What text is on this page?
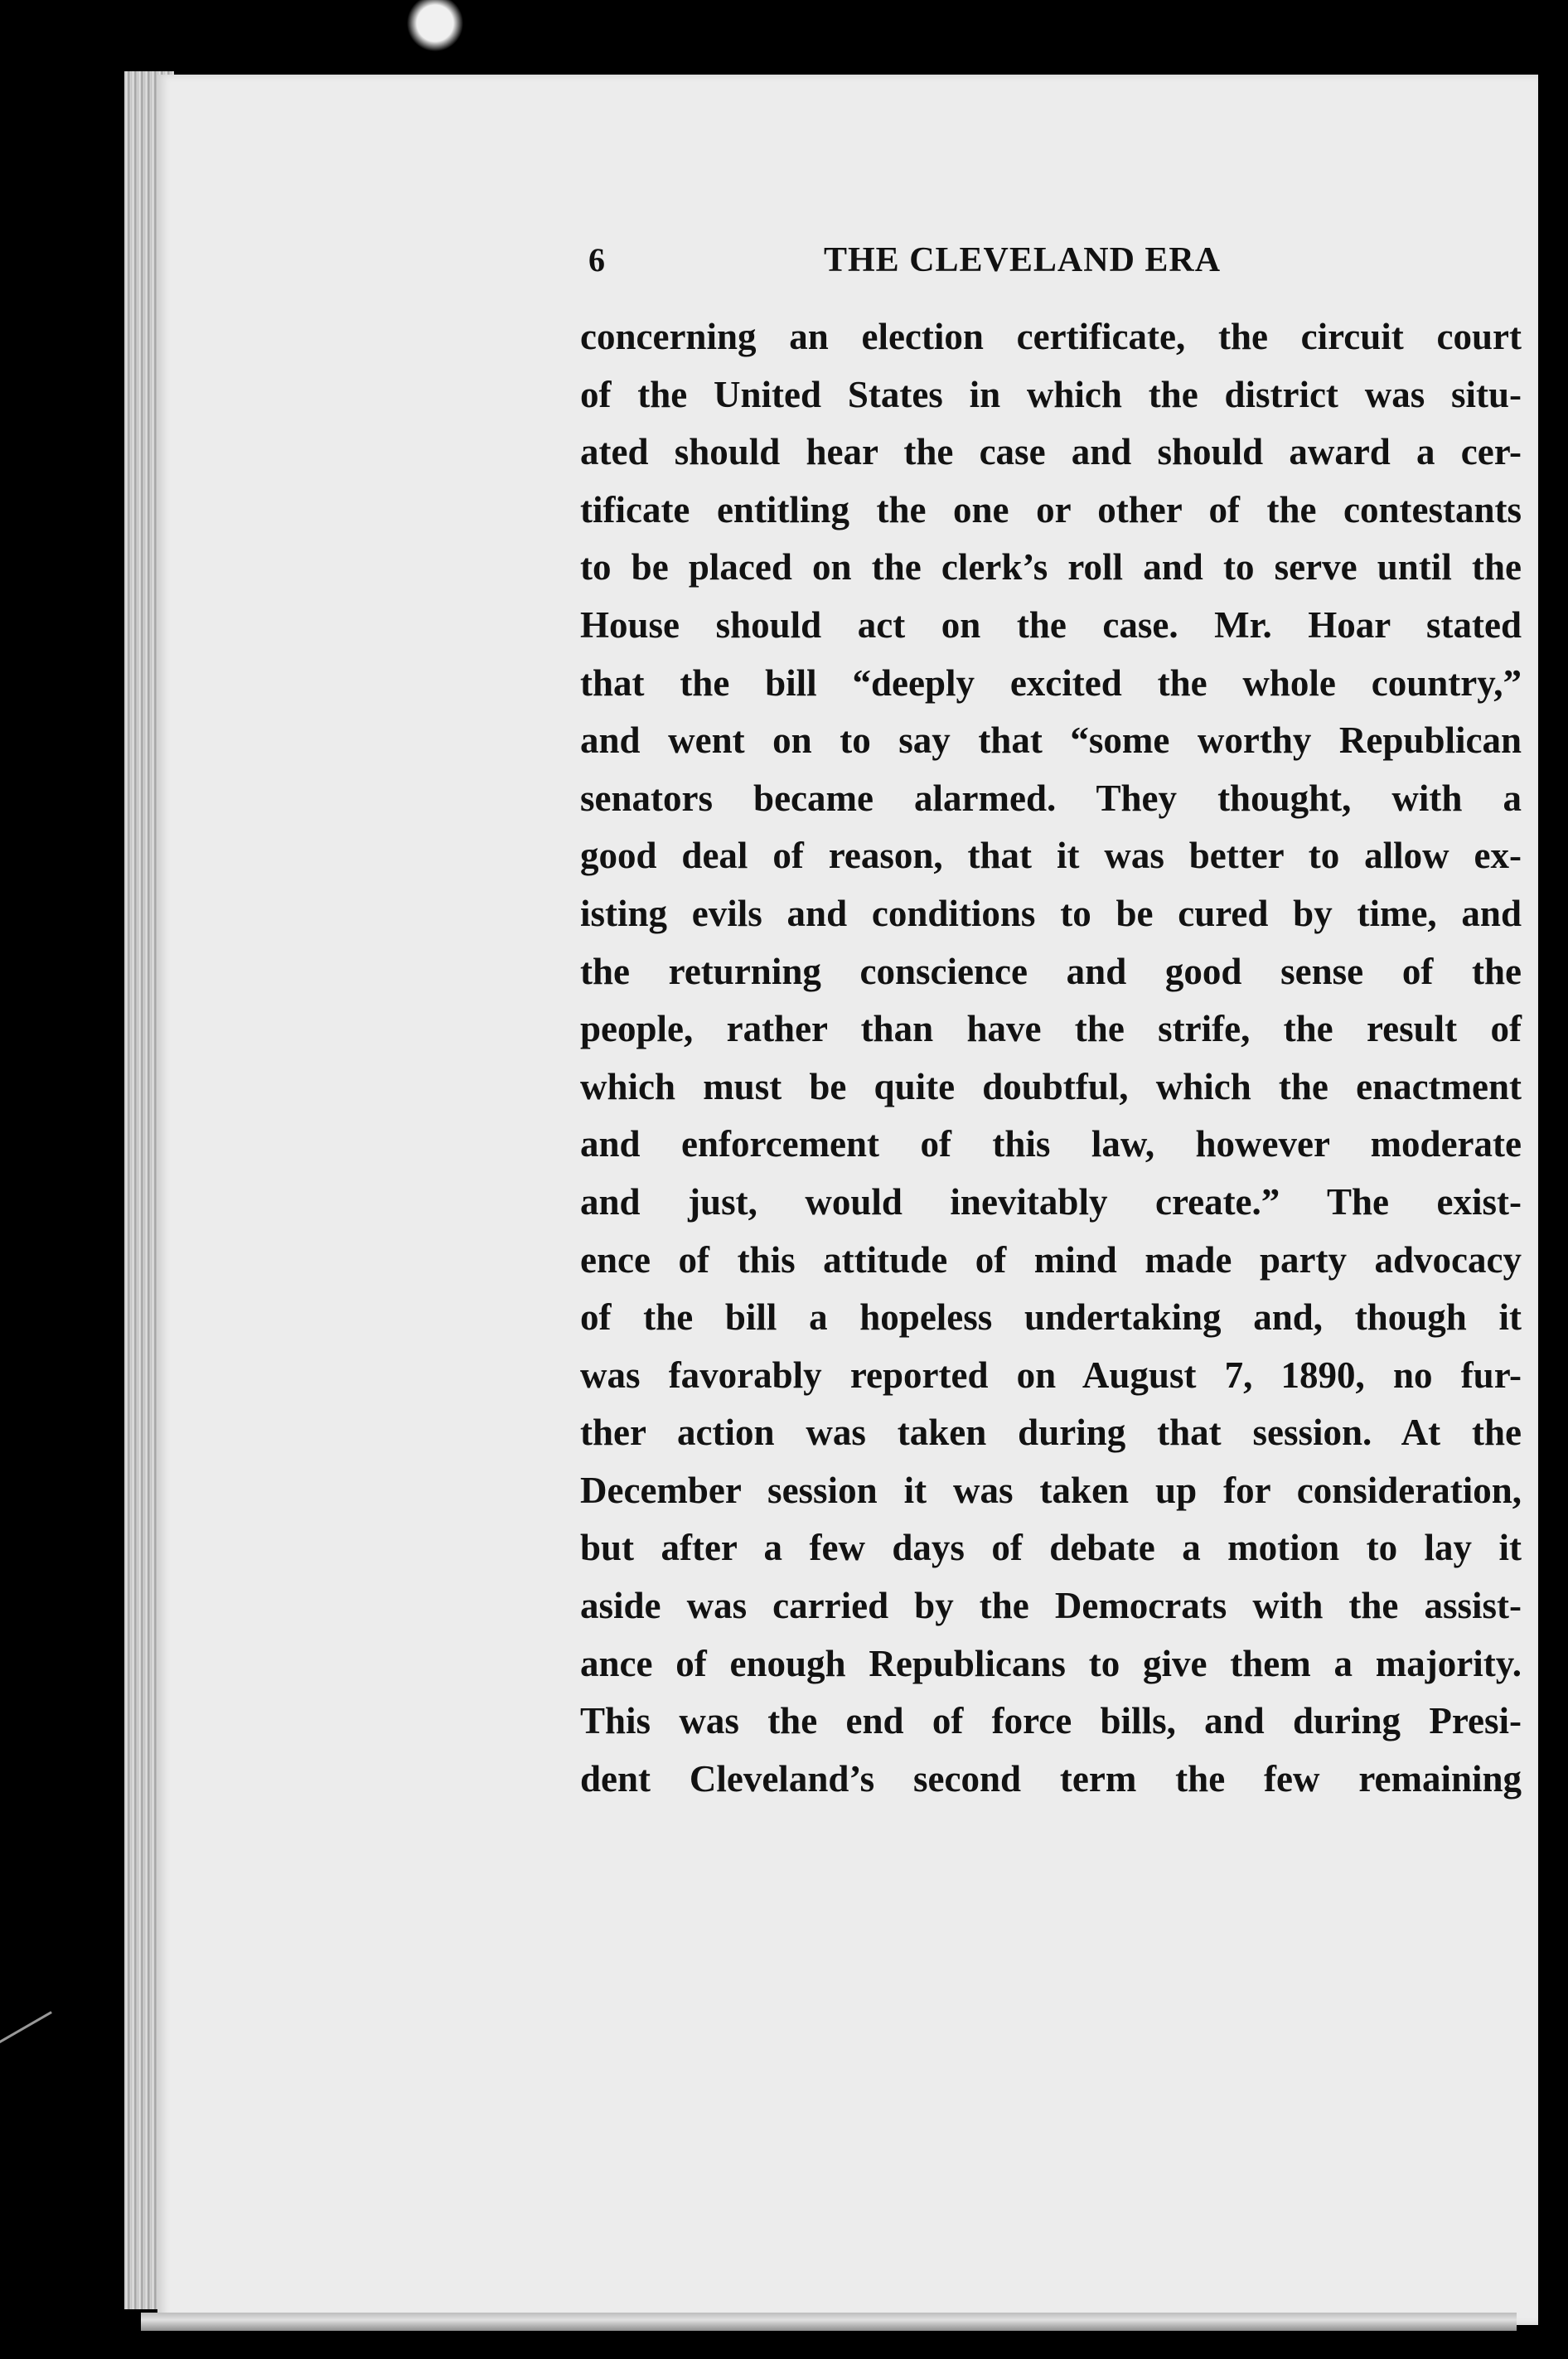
6	THE CLEVELAND ERA
concerning an election certificate, the circuit court
of the United States in which the district was situ-
ated should hear the case and should award a cer-
tificate entitling the one or other of the contestants
to be placed on the clerk’s roll and to serve until the
House should act on the case. Mr. Hoar stated
that the bill “deeply excited the whole country,”
and went on to say that “some worthy Republican
senators became alarmed. They thought, with a
good deal of reason, that it was better to allow ex-
isting evils and conditions to be cured by time, and
the returning conscience and good sense of the
people, rather than have the strife, the result of
which must be quite doubtful, which the enactment
and enforcement of this law, however moderate
and just, would inevitably create.” The exist-
ence of this attitude of mind made party advocacy
of the bill a hopeless undertaking and, though it
was favorably reported on August 7, 1890, no fur-
ther action was taken during that session. At the
December session it was taken up for consideration,
but after a few days of debate a motion to lay it
aside was carried by the Democrats with the assist-
ance of enough Republicans to give them a majority.
This was the end of force bills, and during Presi-
dent Cleveland’s second term the few remaining
